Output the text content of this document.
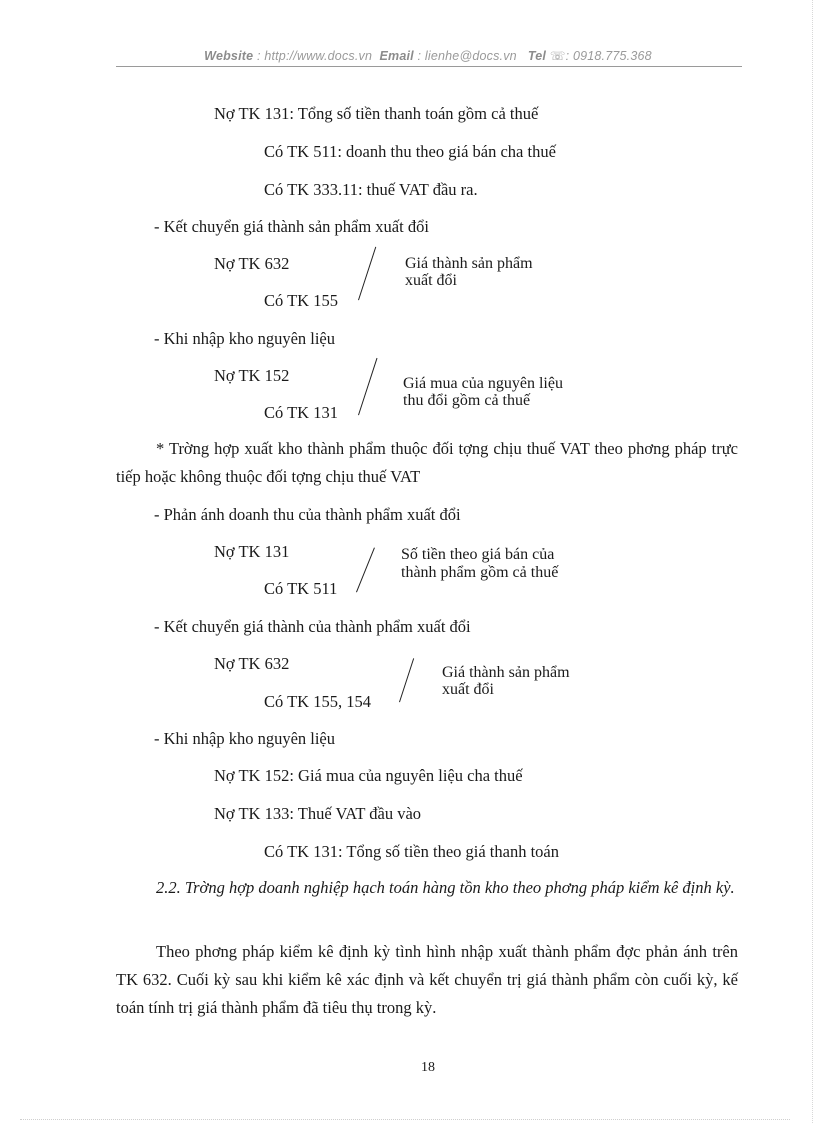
Website : http://www.docs.vn Email : lienhe@docs.vn Tel ☏: 0918.775.368
Nợ TK 131: Tổng số tiền thanh toán gồm cả thuế
Có TK 511: doanh thu theo giá bán cha thuế
Có TK 333.11: thuế VAT đầu ra.
- Kết chuyển giá thành sản phẩm xuất đổi
Nợ TK 632
Có TK 155
Giá thành sản phẩm
xuất đổi
- Khi nhập kho nguyên liệu
Nợ TK 152
Có TK 131
Giá mua của nguyên liệu
thu đổi gồm cả thuế
* Trờng hợp xuất kho thành phẩm thuộc đối tợng chịu thuế VAT theo phơng pháp trực tiếp hoặc không thuộc đối tợng chịu thuế VAT
- Phản ánh doanh thu của thành phẩm xuất đổi
Nợ TK 131
Có TK 511
Số tiền theo giá bán của
thành phẩm gồm cả thuế
- Kết chuyển giá thành của thành phẩm xuất đổi
Nợ TK 632
Có TK 155, 154
Giá thành sản phẩm
xuất đổi
- Khi nhập kho nguyên liệu
Nợ TK 152: Giá mua của nguyên liệu cha thuế
Nợ TK 133: Thuế VAT đầu vào
Có TK 131: Tổng số tiền theo giá thanh toán
2.2. Trờng hợp doanh nghiệp hạch toán hàng tồn kho theo phơng pháp kiểm kê định kỳ.
Theo phơng pháp kiểm kê định kỳ tình hình nhập xuất thành phẩm đợc phản ánh trên TK 632. Cuối kỳ sau khi kiểm kê xác định và kết chuyển trị giá thành phẩm còn cuối kỳ, kế toán tính trị giá thành phẩm đã tiêu thụ trong kỳ.
18
